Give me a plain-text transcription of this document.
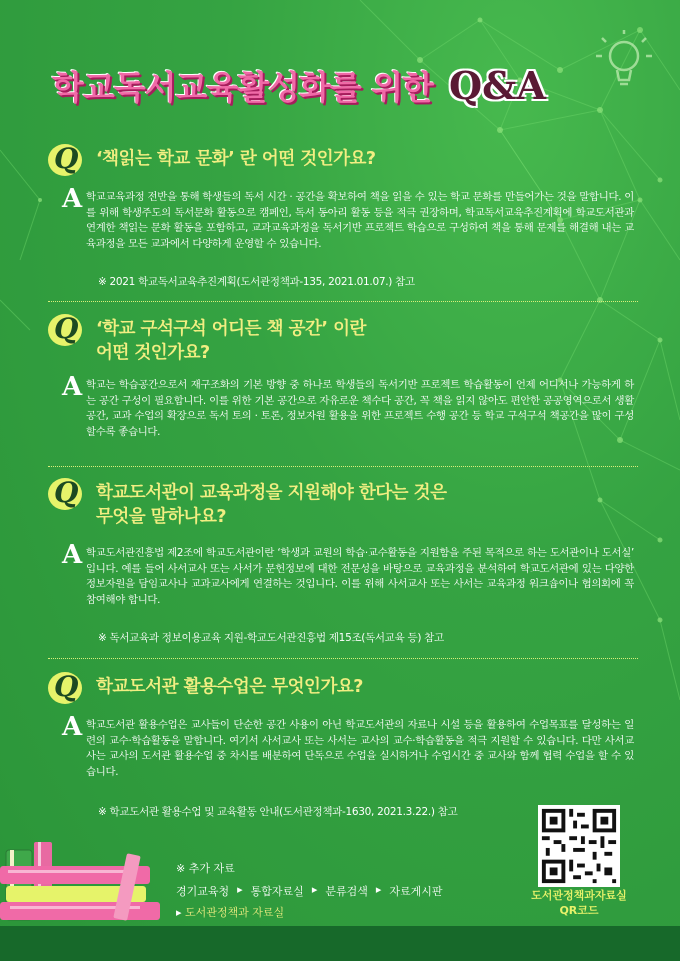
학교독서교육활성화를 위한 Q&A
Q ‘책읽는 학교 문화’ 란 어떤 것인가요?
A 학교교육과정 전반을 통해 학생들의 독서 시간 · 공간을 확보하여 책을 읽을 수 있는 학교 문화를 만들어가는 것을 말합니다. 이를 위해 학생주도의 독서문화 활동으로 캠페인, 독서 동아리 활동 등을 적극 권장하며, 학교독서교육추진계획에 학교도서관과 연계한 책읽는 문화 활동을 포함하고, 교과교육과정을 독서기반 프로젝트 학습으로 구성하여 책을 통해 문제를 해결해 내는 교육과정을 모든 교과에서 다양하게 운영할 수 있습니다.
※ 2021 학교독서교육추진계획(도서관정책과-135, 2021.01.07.) 참고
Q ‘학교 구석구석 어디든 책 공간’ 이란
어떤 것인가요?
A 학교는 학습공간으로서 재구조화의 기본 방향 중 하나로 학생들의 독서기반 프로젝트 학습활동이 언제 어디서나 가능하게 하는 공간 구성이 필요합니다. 이를 위한 기본 공간으로 자유로운 책수다 공간, 꼭 책을 읽지 않아도 편안한 공공영역으로서 생활 공간, 교과 수업의 확장으로 독서 토의 · 토론, 정보자원 활용을 위한 프로젝트 수행 공간 등 학교 구석구석 책공간을 많이 구성할수록 좋습니다.
Q 학교도서관이 교육과정을 지원해야 한다는 것은
무엇을 말하나요?
A 학교도서관진흥법 제2조에 학교도서관이란 ‘학생과 교원의 학습·교수활동을 지원함을 주된 목적으로 하는 도서관이나 도서실’ 입니다. 예를 들어 사서교사 또는 사서가 문헌정보에 대한 전문성을 바탕으로 교육과정을 분석하여 학교도서관에 있는 다양한 정보자원을 담임교사나 교과교사에게 연결하는 것입니다. 이를 위해 사서교사 또는 사서는 교육과정 워크숍이나 협의회에 꼭 참여해야 합니다.
※ 독서교육과 정보이용교육 지원-학교도서관진흥법 제15조(독서교육 등) 참고
Q 학교도서관 활용수업은 무엇인가요?
A 학교도서관 활용수업은 교사들이 단순한 공간 사용이 아닌 학교도서관의 자료나 시설 등을 활용하여 수업목표를 달성하는 일련의 교수·학습활동을 말합니다. 여기서 사서교사 또는 사서는 교사의 교수·학습활동을 적극 지원할 수 있습니다. 다만 사서교사는 교사의 도서관 활용수업 중 차시를 배분하여 단독으로 수업을 실시하거나 수업시간 중 교사와 함께 협력 수업을 할 수 있습니다.
※ 학교도서관 활용수업 및 교육활동 안내(도서관정책과-1630, 2021.3.22.) 참고
※ 추가 자료
경기교육청 ▸ 통합자료실 ▸ 분류검색 ▸ 자료게시판
▸ 도서관정책과 자료실
도서관정책과자료실
QR코드
